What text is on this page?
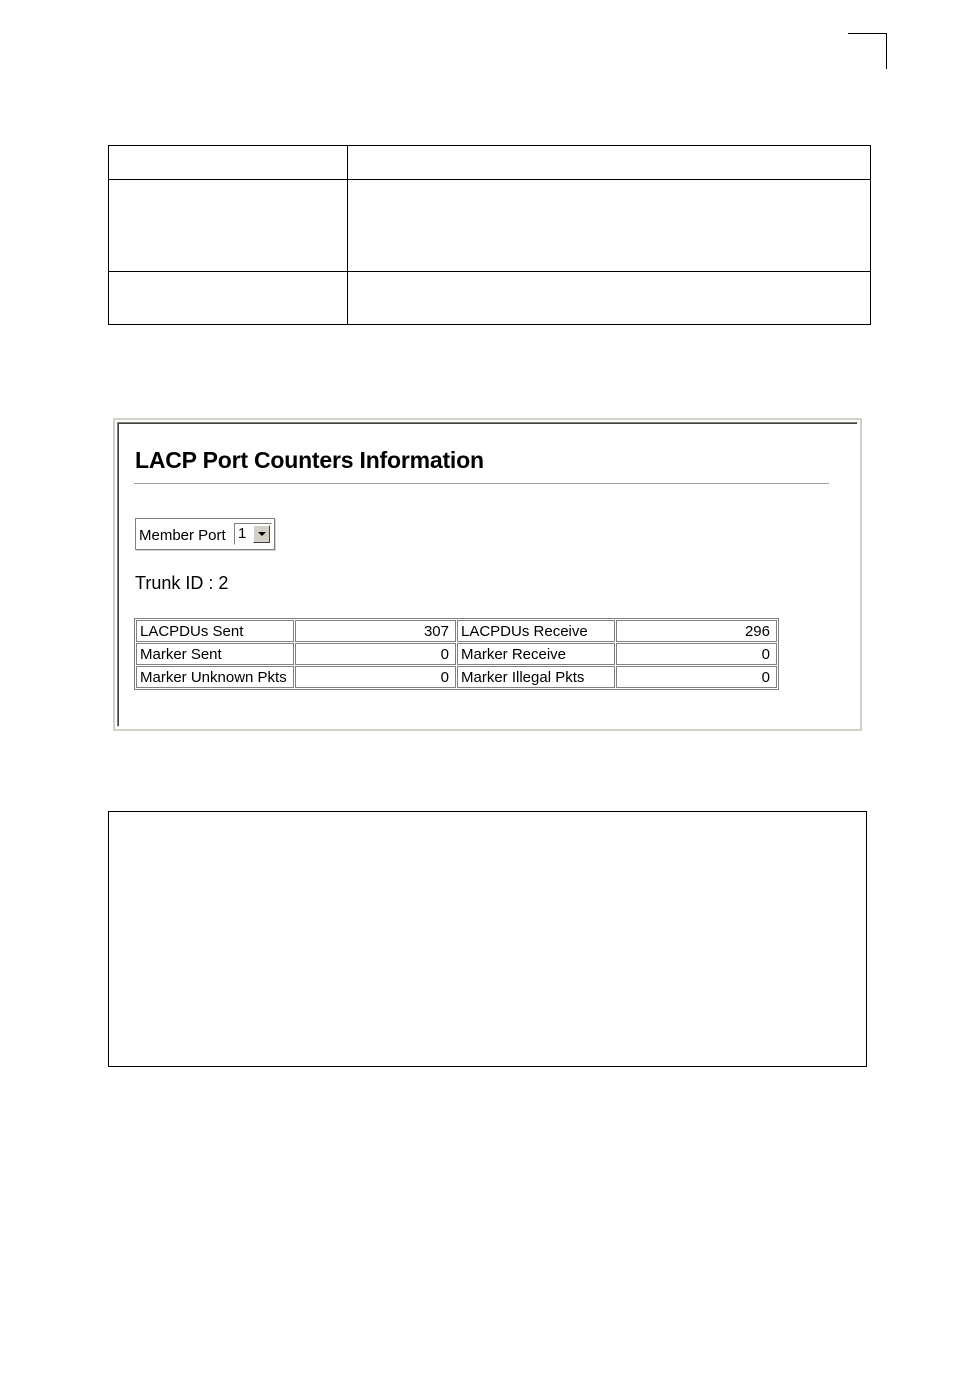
LACP Port Counters Information
Member Port 1
Trunk ID : 2
LACPDUs Sent	307	LACPDUs Receive	296
Marker Sent	0	Marker Receive	0
Marker Unknown Pkts	0	Marker Illegal Pkts	0
